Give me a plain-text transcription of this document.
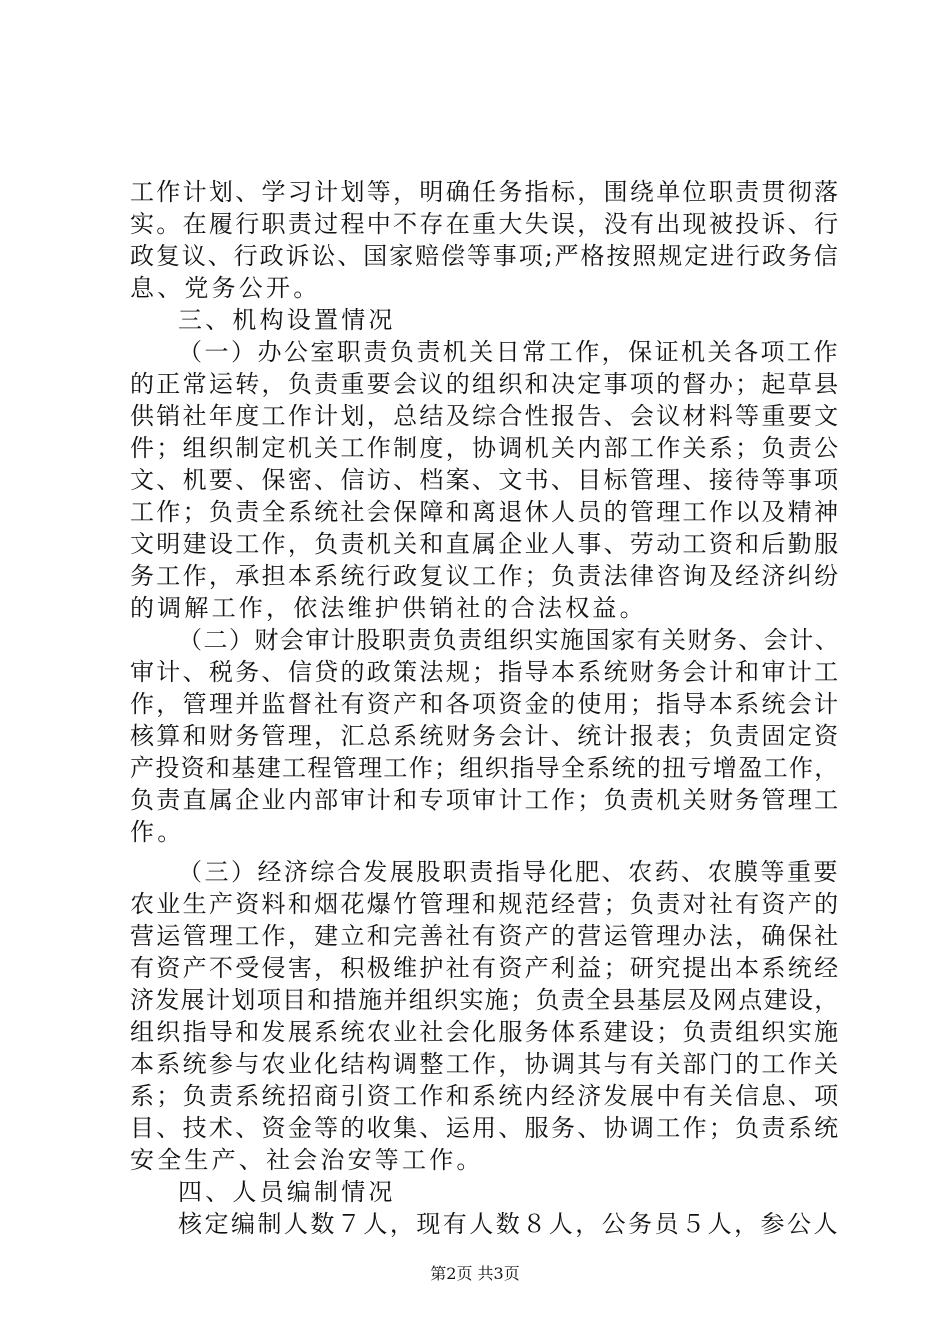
工作计划、学习计划等，明确任务指标，围绕单位职责贯彻落
实。在履行职责过程中不存在重大失误，没有出现被投诉、行
政复议、行政诉讼、国家赔偿等事项;严格按照规定进行政务信
息、党务公开。
三、机构设置情况
（一）办公室职责负责机关日常工作，保证机关各项工作
的正常运转，负责重要会议的组织和决定事项的督办；起草县
供销社年度工作计划，总结及综合性报告、会议材料等重要文
件；组织制定机关工作制度，协调机关内部工作关系；负责公
文、机要、保密、信访、档案、文书、目标管理、接待等事项
工作；负责全系统社会保障和离退休人员的管理工作以及精神
文明建设工作，负责机关和直属企业人事、劳动工资和后勤服
务工作，承担本系统行政复议工作；负责法律咨询及经济纠纷
的调解工作，依法维护供销社的合法权益。
（二）财会审计股职责负责组织实施国家有关财务、会计、
审计、税务、信贷的政策法规；指导本系统财务会计和审计工
作，管理并监督社有资产和各项资金的使用；指导本系统会计
核算和财务管理，汇总系统财务会计、统计报表；负责固定资
产投资和基建工程管理工作；组织指导全系统的扭亏增盈工作，
负责直属企业内部审计和专项审计工作；负责机关财务管理工
作。
（三）经济综合发展股职责指导化肥、农药、农膜等重要
农业生产资料和烟花爆竹管理和规范经营；负责对社有资产的
营运管理工作，建立和完善社有资产的营运管理办法，确保社
有资产不受侵害，积极维护社有资产利益；研究提出本系统经
济发展计划项目和措施并组织实施；负责全县基层及网点建设，
组织指导和发展系统农业社会化服务体系建设；负责组织实施
本系统参与农业化结构调整工作，协调其与有关部门的工作关
系；负责系统招商引资工作和系统内经济发展中有关信息、项
目、技术、资金等的收集、运用、服务、协调工作；负责系统
安全生产、社会治安等工作。
四、人员编制情况
核定编制人数７人，现有人数８人，公务员５人，参公人
第2页 共3页
